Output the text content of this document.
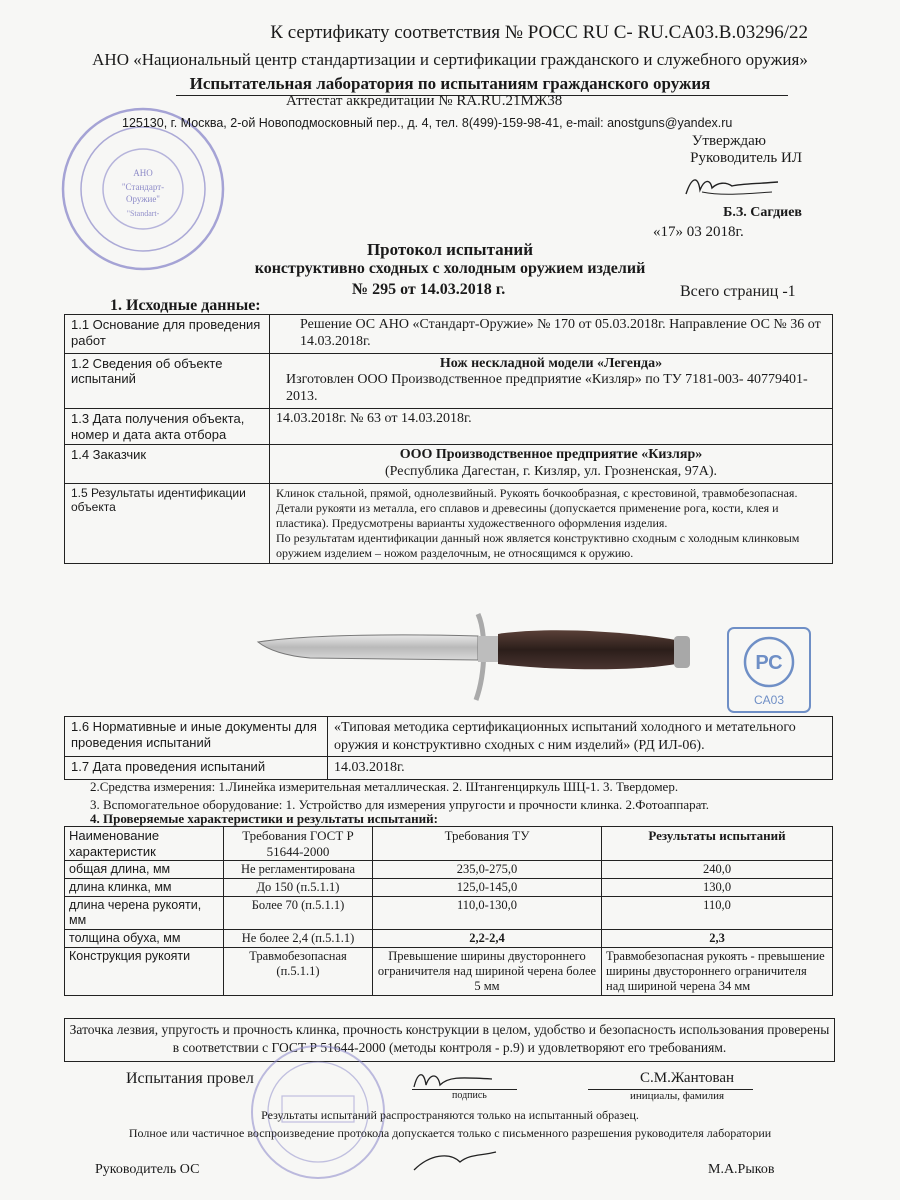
АНО
"Стандарт-
Оружие"
"Standart-
К сертификату соответствия № РОСС RU С- RU.CA03.B.03296/22
АНО «Национальный центр стандартизации и сертификации гражданского и служебного оружия»
Испытательная лаборатория по испытаниям гражданского оружия
Аттестат аккредитации № RA.RU.21МЖ38
125130, г. Москва, 2-ой Новоподмосковный пер., д. 4, тел. 8(499)-159-98-41, e-mail: anostguns@yandex.ru
Утверждаю
Руководитель ИЛ
Б.З. Сагдиев
«17» 03 2018г.
Протокол испытаний
конструктивно сходных с холодным оружием изделий
№ 295 от 14.03.2018 г.	Всего страниц -1
1. Исходные данные:
1.1 Основание для проведения работ	Решение ОС АНО «Стандарт-Оружие» № 170 от 05.03.2018г. Направление ОС № 36 от 14.03.2018г.
1.2 Сведения об объекте испытаний	Нож нескладной модели «Легенда»
Изготовлен ООО Производственное предприятие «Кизляр» по ТУ 7181-003- 40779401-2013.

1.3 Дата получения объекта, номер и дата акта отбора	14.03.2018г. № 63 от 14.03.2018г.
1.4 Заказчик	ООО Производственное предприятие «Кизляр»
(Республика Дагестан, г. Кизляр, ул. Грозненская, 97А).

1.5 Результаты идентификации объекта	Клинок стальной, прямой, однолезвийный. Рукоять бочкообразная, с крестовиной, травмобезопасная. Детали рукояти из металла, его сплавов и древесины (допускается применение рога, кости, клея и пластика). Предусмотрены варианты художественного оформления изделия.
По результатам идентификации данный нож является конструктивно сходным с холодным клинковым оружием изделием – ножом разделочным, не относящимся к оружию.
РС
CA03
1.6 Нормативные и иные документы для проведения испытаний	«Типовая методика сертификационных испытаний холодного и метательного оружия и конструктивно сходных с ним изделий» (РД ИЛ-06).
1.7 Дата проведения испытаний	14.03.2018г.
2.Средства измерения: 1.Линейка измерительная металлическая. 2. Штангенциркуль ШЦ-1. 3. Твердомер.
3. Вспомогательное оборудование: 1. Устройство для измерения упругости и прочности клинка. 2.Фотоаппарат.
4. Проверяемые характеристики и результаты испытаний:
Наименование характеристик	Требования ГОСТ Р 51644-2000	Требования ТУ	Результаты испытаний
общая длина, мм	Не регламентирована	235,0-275,0	240,0
длина клинка, мм	До 150 (п.5.1.1)	125,0-145,0	130,0
длина черена рукояти, мм	Более 70 (п.5.1.1)	110,0-130,0	110,0
толщина обуха, мм	Не более 2,4 (п.5.1.1)	2,2-2,4	2,3
Конструкция рукояти	Травмобезопасная (п.5.1.1)	Превышение ширины двустороннего ограничителя над шириной черена более 5 мм	Травмобезопасная рукоять - превышение ширины двустороннего ограничителя над шириной черена 34 мм
Заточка лезвия, упругость и прочность клинка, прочность конструкции в целом, удобство и безопасность использования проверены в соответствии с ГОСТ Р 51644-2000 (методы контроля - р.9) и удовлетворяют его требованиям.
Испытания провел
подпись
С.М.Жантован
инициалы, фамилия
Результаты испытаний распространяются только на испытанный образец.
Полное или частичное воспроизведение протокола допускается только с письменного разрешения руководителя лаборатории
Руководитель ОС	М.А.Рыков
